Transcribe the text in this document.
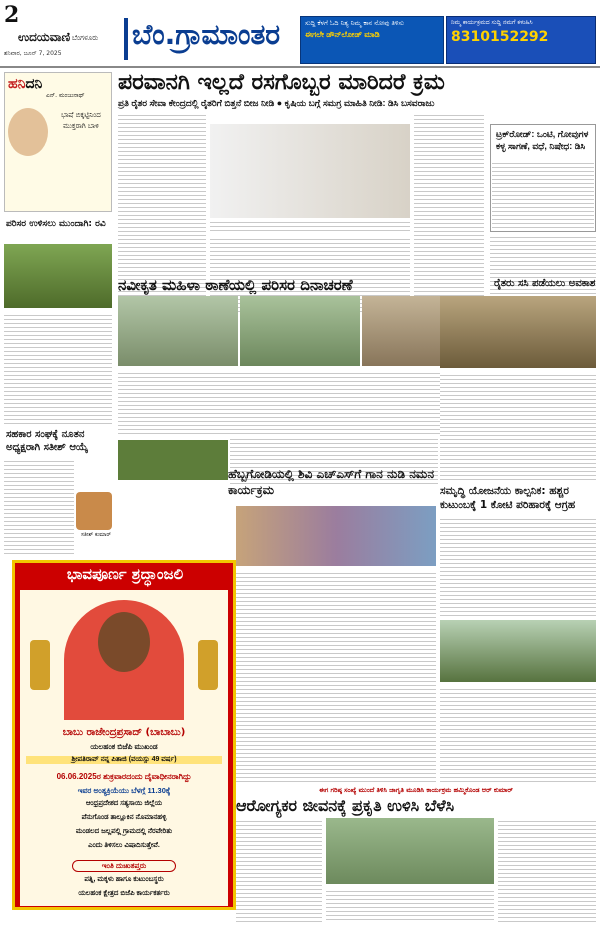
2
ಉದಯವಾಣಿ ಬೆಂಗಳೂರು
ಶನಿವಾರ, ಜೂನ್ 7, 2025
ಬೆಂ.ಗ್ರಾಮಾಂತರ	ಸುದ್ದಿ ಕೆಳಗೆ ಓದಿ ನಿತ್ಯ ನಿಮ್ಮ ಕಾನ ನೋವು ತಿಳಿಸು
ಈಗಲೇ ಡೌನ್‌ಲೋಡ್ ಮಾಡಿ
ನಿಮ್ಮ ಕಾರ್ಯಕ್ರಮದ ಸುದ್ದಿ ನಮಗೆ ಕಳುಹಿಸಿ
8310152292
ಹನಿದನಿ
ಎನ್. ಮಂಜುನಾಥ್
ಭಾಷೆ ಬಿಕ್ಕಟ್ಟಿನಿಂದ ಮುಕ್ತರಾಗಿ ಬಾಳಿ
ಪರಿಸರ ಉಳಿಸಲು ಮುಂದಾಗಿ: ರವಿ
ಸಹಕಾರ ಸಂಘಕ್ಕೆ ನೂತನ ಅಧ್ಯಕ್ಷರಾಗಿ ಸತೀಶ್ ಆಯ್ಕೆ
ಸತೀಶ್ ಕುಮಾರ್
ಭಾವಪೂರ್ಣ ಶ್ರದ್ಧಾಂಜಲಿ
ಬಾಬು ರಾಜೇಂದ್ರಪ್ರಸಾದ್ (ಬಾಬಾಬು)
ಯಲಹಂಕ ಬಿಜೆಪಿ ಮುಖಂಡ
ಶ್ರೀಪತಿರಾವ್ ನನ್ನ ಪಿತಾಜಿ (ವಯಸ್ಸು 49 ವರ್ಷ)
06.06.2025ರ ಶುಕ್ರವಾರದಂದು ದೈವಾಧೀನರಾಗಿದ್ದು
ಇವರ ಅಂತ್ಯಕ್ರಿಯೆಯು ಬೆಳಗ್ಗೆ 11.30ಕ್ಕೆ
ಆಂಧ್ರಪ್ರದೇಶದ ಸತ್ಯಸಾಯಿ ಜಿಲ್ಲೆಯ
ಪೆನುಗೊಂಡ ತಾಲ್ಲೂಕಿನ ನೊಮಾನಹಳ್ಳಿ
ಮಂಡಲದ ಜಲ್ಲಪಲ್ಲಿ ಗ್ರಾಮದಲ್ಲಿ ನೆರವೇರಿತು
ಎಂದು ತಿಳಿಸಲು ವಿಷಾದಿಸುತ್ತೇವೆ.
ಇಂತಿ ದುಃಖತಪ್ತರು
ಪತ್ನಿ, ಮಕ್ಕಳು ಹಾಗೂ ಕುಟುಂಬಸ್ಥರು
ಯಲಹಂಕ ಕ್ಷೇತ್ರದ ಬಿಜೆಪಿ ಕಾರ್ಯಕರ್ತರು
ಪರವಾನಗಿ ಇಲ್ಲದೆ ರಸಗೊಬ್ಬರ ಮಾರಿದರೆ ಕ್ರಮ
ಪ್ರತಿ ರೈತರ ಸೇವಾ ಕೇಂದ್ರದಲ್ಲಿ ರೈತರಿಗೆ ಬಿತ್ತನೆ ಬೀಜ ನೀಡಿ ● ಕೃಷಿಯ ಬಗ್ಗೆ ಸಮಗ್ರ ಮಾಹಿತಿ ನೀಡಿ: ಡಿಸಿ ಬಸವರಾಜು
ಟ್ರಕ್‌ರೋಡ್: ಒಂಟಿ, ಗೋವುಗಳ ಕಳ್ಳ ಸಾಗಣೆ, ವಧೆ, ನಿಷೇಧ: ಡಿಸಿ
ನವೀಕೃತ ಮಹಿಳಾ ಠಾಣೆಯಲ್ಲಿ ಪರಿಸರ ದಿನಾಚರಣೆ	ರೈತರು ಸಸಿ ಪಡೆಯಲು ಅವಕಾಶ
ಹೆಬ್ಬಗೋಡಿಯಲ್ಲಿ ಶಿವಿ ಎಚ್‌ಎಸ್‌ಗೆ ಗಾನ ನುಡಿ ನಮನ ಕಾರ್ಯಕ್ರಮ	ಸಮೃದ್ಧಿ ಯೋಜನೆಯ ಕಾಲ್ಪನಿಕ: ಹಶ್ಚರ ಕುಟುಂಬಕ್ಕೆ 1 ಕೋಟಿ ಪರಿಹಾರಕ್ಕೆ ಆಗ್ರಹ
ಈಗ ಗರಿಷ್ಠ ಸಂಖ್ಯೆ ಮುಂದೆ ತಿಳಿಸಿ ಜಾಗೃತಿ ಮೂಡಿಸಿ ಕಾರ್ಯಕ್ರಮ ಹಮ್ಮಿಕೊಂಡ ಆರ್ ಕುಮಾರ್
ಆರೋಗ್ಯಕರ ಜೀವನಕ್ಕೆ ಪ್ರಕೃತಿ ಉಳಿಸಿ ಬೆಳೆಸಿ
